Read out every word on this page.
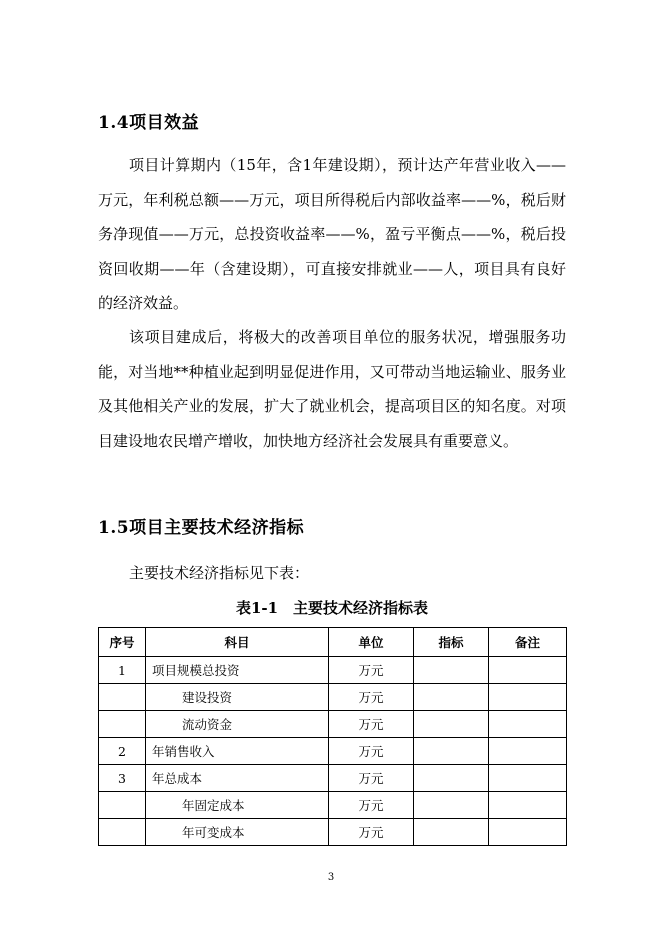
1.4项目效益
项目计算期内（15年，含1年建设期），预计达产年营业收入——万元，年利税总额——万元，项目所得税后内部收益率——%，税后财务净现值——万元，总投资收益率——%，盈亏平衡点——%，税后投资回收期——年（含建设期），可直接安排就业——人，项目具有良好的经济效益。
该项目建成后，将极大的改善项目单位的服务状况，增强服务功能，对当地**种植业起到明显促进作用，又可带动当地运输业、服务业及其他相关产业的发展，扩大了就业机会，提高项目区的知名度。对项目建设地农民增产增收，加快地方经济社会发展具有重要意义。
1.5项目主要技术经济指标
主要技术经济指标见下表：
表1-1　主要技术经济指标表
序号	科目	单位	指标	备注
1	项目规模总投资	万元		
	建设投资	万元		
	流动资金	万元		
2	年销售收入	万元		
3	年总成本	万元		
	年固定成本	万元		
	年可变成本	万元		
3
